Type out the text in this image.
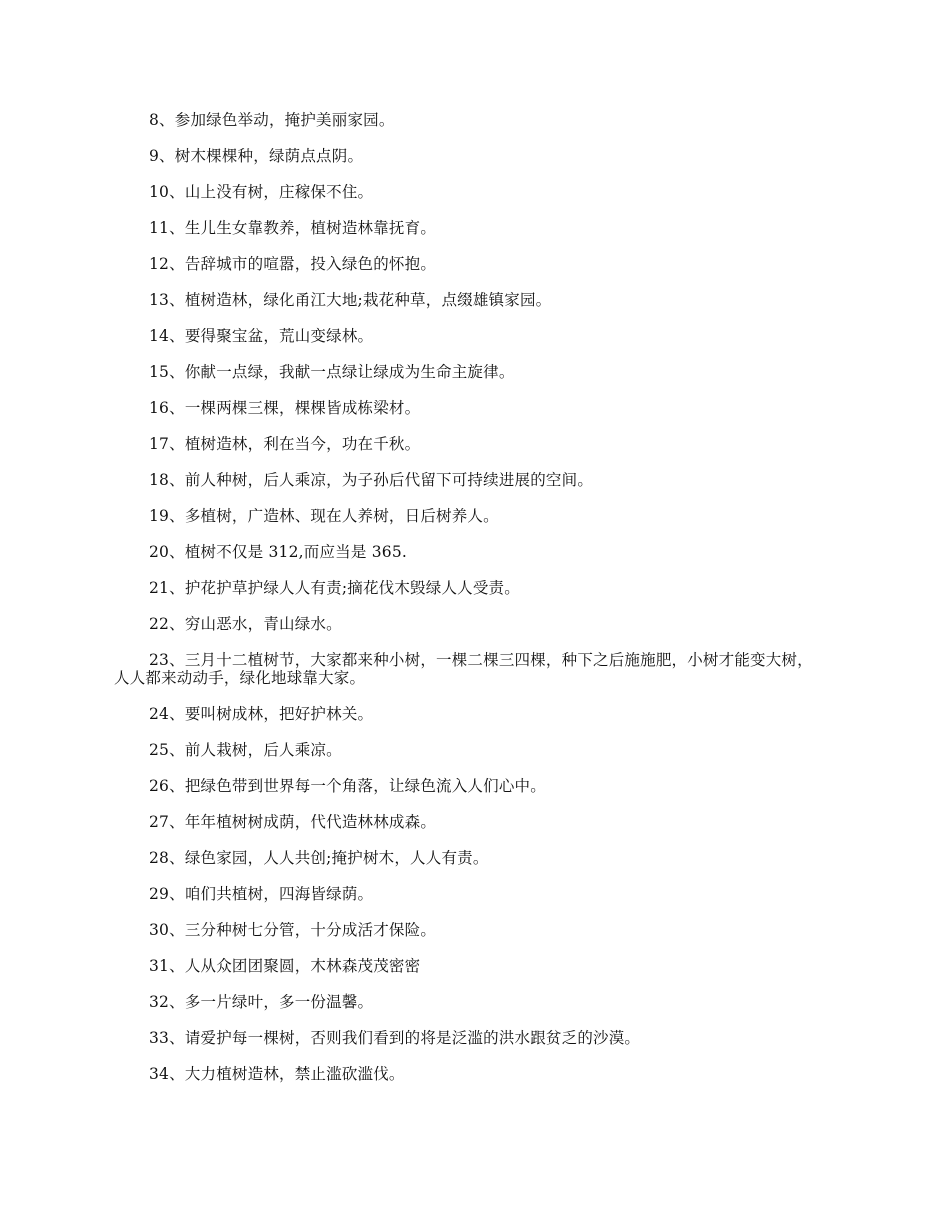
8、参加绿色举动，掩护美丽家园。

9、树木棵棵种，绿荫点点阴。

10、山上没有树，庄稼保不住。

11、生儿生女靠教养，植树造林靠抚育。

12、告辞城市的喧嚣，投入绿色的怀抱。

13、植树造林，绿化甬江大地;栽花种草，点缀雄镇家园。

14、要得聚宝盆，荒山变绿林。

15、你献一点绿，我献一点绿让绿成为生命主旋律。

16、一棵两棵三棵，棵棵皆成栋梁材。

17、植树造林，利在当今，功在千秋。

18、前人种树，后人乘凉，为子孙后代留下可持续进展的空间。

19、多植树，广造林、现在人养树，日后树养人。

20、植树不仅是 312,而应当是 365.

21、护花护草护绿人人有责;摘花伐木毁绿人人受责。

22、穷山恶水，青山绿水。

23、三月十二植树节，大家都来种小树，一棵二棵三四棵，种下之后施施肥，小树才能变大树，人人都来动动手，绿化地球靠大家。

24、要叫树成林，把好护林关。

25、前人栽树，后人乘凉。

26、把绿色带到世界每一个角落，让绿色流入人们心中。

27、年年植树树成荫，代代造林林成森。

28、绿色家园，人人共创;掩护树木，人人有责。

29、咱们共植树，四海皆绿荫。

30、三分种树七分管，十分成活才保险。

31、人从众团团聚圆，木林森茂茂密密

32、多一片绿叶，多一份温馨。

33、请爱护每一棵树，否则我们看到的将是泛滥的洪水跟贫乏的沙漠。

34、大力植树造林，禁止滥砍滥伐。
